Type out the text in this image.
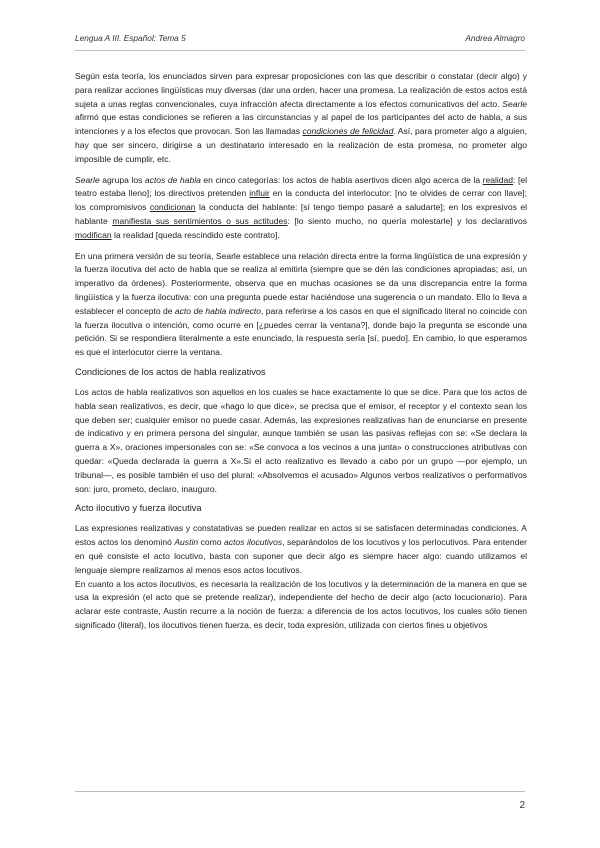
Lengua A III. Español: Tema 5	Andrea Almagro

Según esta teoría, los enunciados sirven para expresar proposiciones con las que describir o constatar (decir algo) y para realizar acciones lingüísticas muy diversas (dar una orden, hacer una promesa. La realización de estos actos está sujeta a unas reglas convencionales, cuya infracción afecta directamente a los efectos comunicativos del acto. Searle afirmó que estas condiciones se refieren a las circunstancias y al papel de los participantes del acto de habla, a sus intenciones y a los efectos que provocan. Son las llamadas condiciones de felicidad. Así, para prometer algo a alguien, hay que ser sincero, dirigirse a un destinatario interesado en la realización de esta promesa, no prometer algo imposible de cumplir, etc.

Searle agrupa los actos de habla en cinco categorías: los actos de habla asertivos dicen algo acerca de la realidad: [el teatro estaba lleno]; los directivos pretenden influir en la conducta del interlocutor: [no te olvides de cerrar con llave]; los compromisivos condicionan la conducta del hablante: [sí tengo tiempo pasaré a saludarte]; en los expresivos el hablante manifiesta sus sentimientos o sus actitudes: [lo siento mucho, no quería molestarle] y los declarativos modifican la realidad [queda rescindido este contrato].

En una primera versión de su teoría, Searle establece una relación directa entre la forma lingüística de una expresión y la fuerza ilocutiva del acto de habla que se realiza al emitirla (siempre que se dén las condiciones apropiadas; así, un imperativo da órdenes). Posteriormente, observa que en muchas ocasiones se da una discrepancia entre la forma lingüística y la fuerza ilocutiva: con una pregunta puede estar haciéndose una sugerencia o un mandato. Ello lo lleva a establecer el concepto de acto de habla indirecto, para referirse a los casos en que el significado literal no coincide con la fuerza ilocutiva o intención, como ocurre en [¿puedes cerrar la ventana?], donde bajo la pregunta se esconde una petición. Si se respondiera literalmente a este enunciado, la respuesta sería [sí, puedo]. En cambio, lo que esperamos es que el interlocutor cierre la ventana.

Condiciones de los actos de habla realizativos

Los actos de habla realizativos son aquellos en los cuales se hace exactamente lo que se dice. Para que los actos de habla sean realizativos, es decir, que «hago lo que dice», se precisa que el emisor, el receptor y el contexto sean los que deben ser; cualquier emisor no puede casar. Además, las expresiones realizativas han de enunciarse en presente de indicativo y en primera persona del singular, aunque también se usan las pasivas reflejas con se: «Se declara la guerra a X», oraciones impersonales con se: «Se convoca a los vecinos a una junta» o construcciones atributivas con quedar: «Queda declarada la guerra a X».Si el acto realizativo es llevado a cabo por un grupo —por ejemplo, un tribunal—, es posible también el uso del plural: «Absolvemos el acusado» Algunos verbos realizativos o performativos son: juro, prometo, declaro, inauguro.

Acto ilocutivo y fuerza ilocutiva

Las expresiones realizativas y constatativas se pueden realizar en actos si se satisfacen determinadas condiciones. A estos actos los denominó Austin como actos ilocutivos, separándolos de los locutivos y los perlocutivos. Para entender en qué consiste el acto locutivo, basta con suponer que decir algo es siempre hacer algo: cuando utilizamos el lenguaje siempre realizamos al menos esos actos locutivos.

En cuanto a los actos ilocutivos, es necesaria la realización de los locutivos y la determinación de la manera en que se usa la expresión (el acto que se pretende realizar), independiente del hecho de decir algo (acto locucionario). Para aclarar este contraste, Austin recurre a la noción de fuerza: a diferencia de los actos locutivos, los cuales sólo tienen significado (literal), los ilocutivos tienen fuerza, es decir, toda expresión, utilizada con ciertos fines u objetivos

2
